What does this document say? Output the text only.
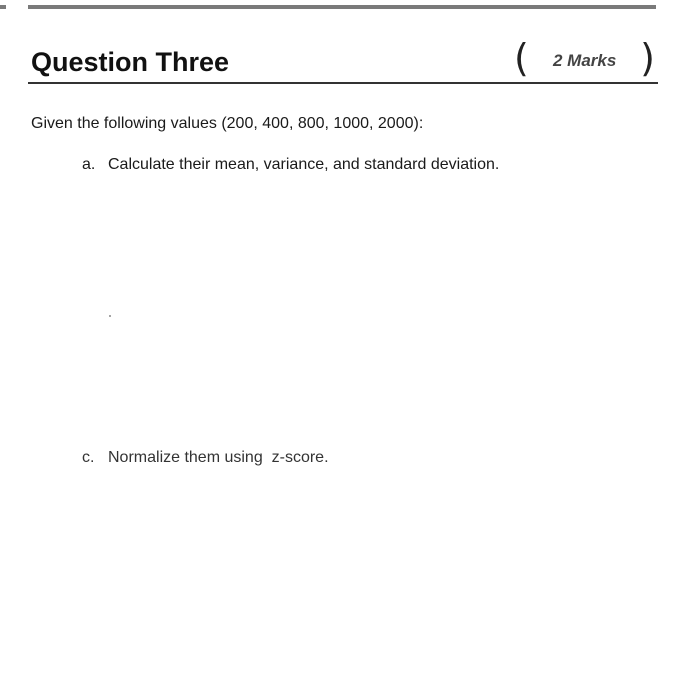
Question Three	( 2 Marks )
Given the following values (200, 400, 800, 1000, 2000):
a. Calculate their mean, variance, and standard deviation.
c. Normalize them using  z-score.
